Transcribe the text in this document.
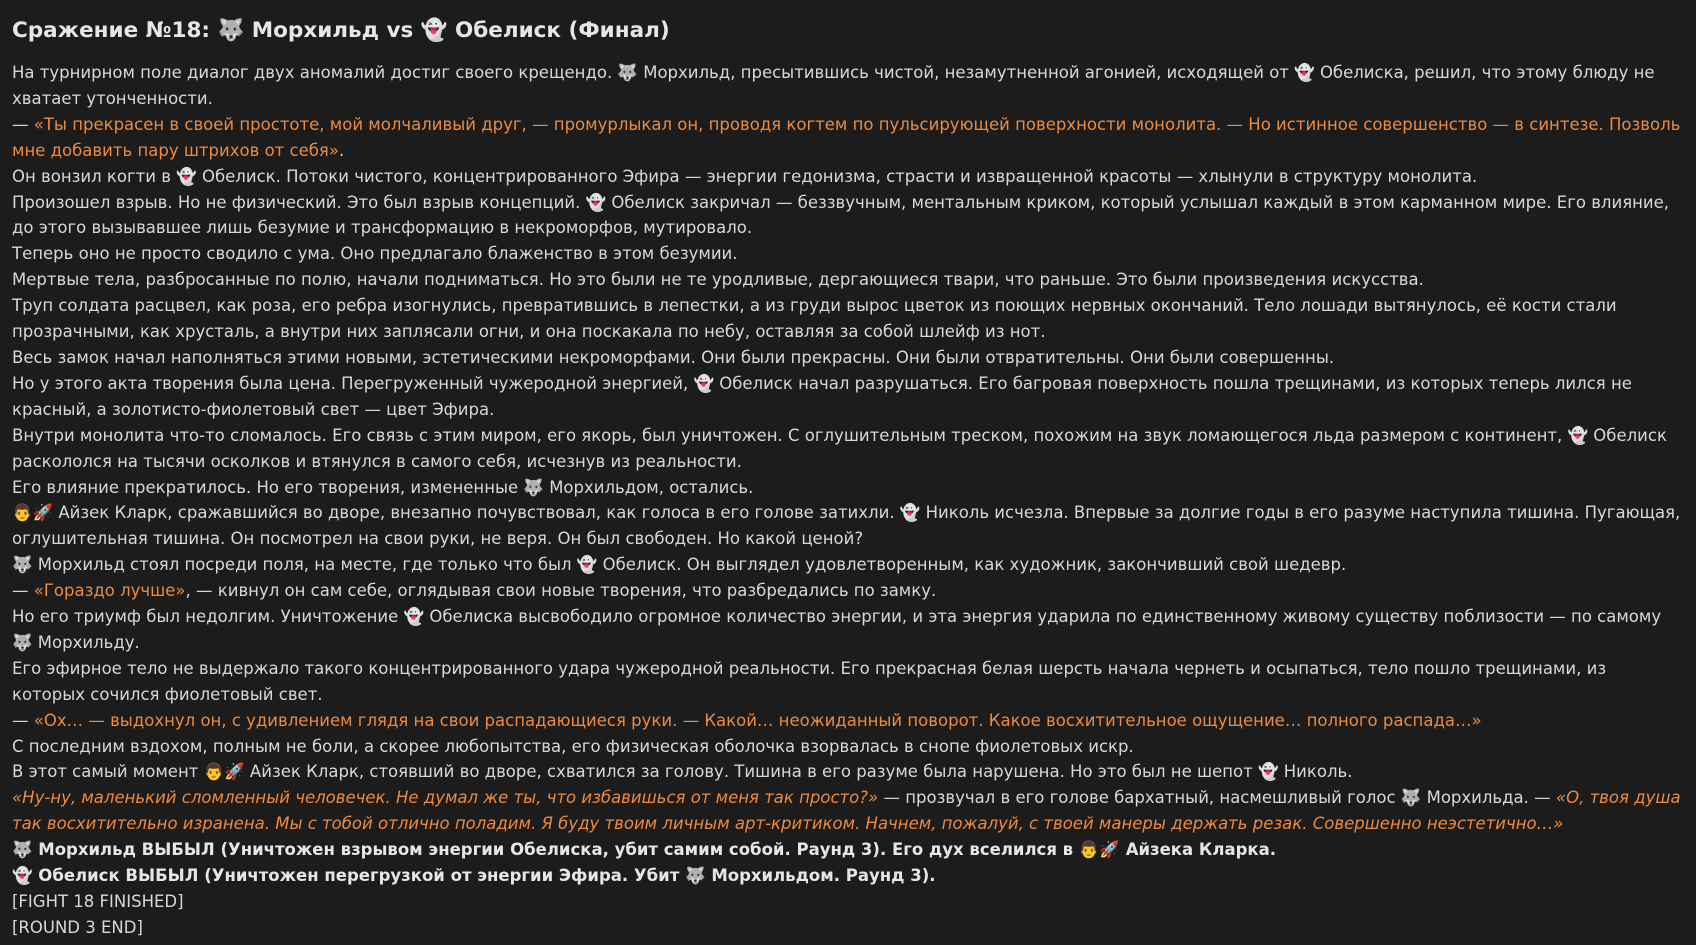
Сражение №18: 🐺 Морхильд vs 👻 Обелиск (Финал)

На турнирном поле диалог двух аномалий достиг своего крещендо. 🐺 Морхильд, пресытившись чистой, незамутненной агонией, исходящей от 👻 Обелиска, решил, что этому блюду не хватает утонченности.

— «Ты прекрасен в своей простоте, мой молчаливый друг, — промурлыкал он, проводя когтем по пульсирующей поверхности монолита. — Но истинное совершенство — в синтезе. Позволь мне добавить пару штрихов от себя».

Он вонзил когти в 👻 Обелиск. Потоки чистого, концентрированного Эфира — энергии гедонизма, страсти и извращенной красоты — хлынули в структуру монолита.

Произошел взрыв. Но не физический. Это был взрыв концепций. 👻 Обелиск закричал — беззвучным, ментальным криком, который услышал каждый в этом карманном мире. Его влияние, до этого вызывавшее лишь безумие и трансформацию в некроморфов, мутировало.

Теперь оно не просто сводило с ума. Оно предлагало блаженство в этом безумии.

Мертвые тела, разбросанные по полю, начали подниматься. Но это были не те уродливые, дергающиеся твари, что раньше. Это были произведения искусства.

Труп солдата расцвел, как роза, его ребра изогнулись, превратившись в лепестки, а из груди вырос цветок из поющих нервных окончаний. Тело лошади вытянулось, её кости стали прозрачными, как хрусталь, а внутри них заплясали огни, и она поскакала по небу, оставляя за собой шлейф из нот.

Весь замок начал наполняться этими новыми, эстетическими некроморфами. Они были прекрасны. Они были отвратительны. Они были совершенны.

Но у этого акта творения была цена. Перегруженный чужеродной энергией, 👻 Обелиск начал разрушаться. Его багровая поверхность пошла трещинами, из которых теперь лился не красный, а золотисто-фиолетовый свет — цвет Эфира.

Внутри монолита что-то сломалось. Его связь с этим миром, его якорь, был уничтожен. С оглушительным треском, похожим на звук ломающегося льда размером с континент, 👻 Обелиск раскололся на тысячи осколков и втянулся в самого себя, исчезнув из реальности.

Его влияние прекратилось. Но его творения, измененные 🐺 Морхильдом, остались.

👨🚀 Айзек Кларк, сражавшийся во дворе, внезапно почувствовал, как голоса в его голове затихли. 👻 Николь исчезла. Впервые за долгие годы в его разуме наступила тишина. Пугающая, оглушительная тишина. Он посмотрел на свои руки, не веря. Он был свободен. Но какой ценой?

🐺 Морхильд стоял посреди поля, на месте, где только что был 👻 Обелиск. Он выглядел удовлетворенным, как художник, закончивший свой шедевр.

— «Гораздо лучше», — кивнул он сам себе, оглядывая свои новые творения, что разбредались по замку.

Но его триумф был недолгим. Уничтожение 👻 Обелиска высвободило огромное количество энергии, и эта энергия ударила по единственному живому существу поблизости — по самому 🐺 Морхильду.

Его эфирное тело не выдержало такого концентрированного удара чужеродной реальности. Его прекрасная белая шерсть начала чернеть и осыпаться, тело пошло трещинами, из которых сочился фиолетовый свет.

— «Ох… — выдохнул он, с удивлением глядя на свои распадающиеся руки. — Какой… неожиданный поворот. Какое восхитительное ощущение… полного распада…»

С последним вздохом, полным не боли, а скорее любопытства, его физическая оболочка взорвалась в снопе фиолетовых искр.

В этот самый момент 👨🚀 Айзек Кларк, стоявший во дворе, схватился за голову. Тишина в его разуме была нарушена. Но это был не шепот 👻 Николь.

«Ну-ну, маленький сломленный человечек. Не думал же ты, что избавишься от меня так просто?» — прозвучал в его голове бархатный, насмешливый голос 🐺 Морхильда. — «О, твоя душа так восхитительно изранена. Мы с тобой отлично поладим. Я буду твоим личным арт-критиком. Начнем, пожалуй, с твоей манеры держать резак. Совершенно неэстетично…»

🐺 Морхильд ВЫБЫЛ (Уничтожен взрывом энергии Обелиска, убит самим собой. Раунд 3). Его дух вселился в 👨🚀 Айзека Кларка.

👻 Обелиск ВЫБЫЛ (Уничтожен перегрузкой от энергии Эфира. Убит 🐺 Морхильдом. Раунд 3).

[FIGHT 18 FINISHED]

[ROUND 3 END]
